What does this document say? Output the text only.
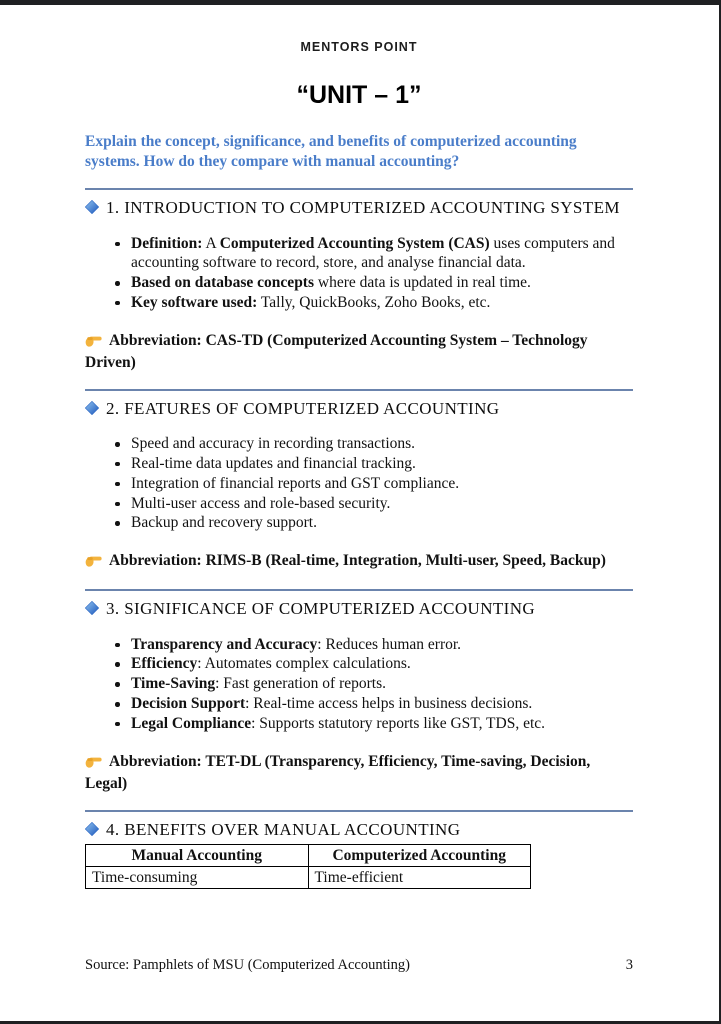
MENTORS POINT
“UNIT – 1”

Explain the concept, significance, and benefits of computerized accounting systems. How do they compare with manual accounting?

1. INTRODUCTION TO COMPUTERIZED ACCOUNTING SYSTEM
Definition: A Computerized Accounting System (CAS) uses computers and accounting software to record, store, and analyse financial data.
Based on database concepts where data is updated in real time.
Key software used: Tally, QuickBooks, Zoho Books, etc.

Abbreviation: CAS-TD (Computerized Accounting System – Technology Driven)

2. FEATURES OF COMPUTERIZED ACCOUNTING
Speed and accuracy in recording transactions.
Real-time data updates and financial tracking.
Integration of financial reports and GST compliance.
Multi-user access and role-based security.
Backup and recovery support.

Abbreviation: RIMS-B (Real-time, Integration, Multi-user, Speed, Backup)

3. SIGNIFICANCE OF COMPUTERIZED ACCOUNTING
Transparency and Accuracy: Reduces human error.
Efficiency: Automates complex calculations.
Time-Saving: Fast generation of reports.
Decision Support: Real-time access helps in business decisions.
Legal Compliance: Supports statutory reports like GST, TDS, etc.

Abbreviation: TET-DL (Transparency, Efficiency, Time-saving, Decision, Legal)

4. BENEFITS OVER MANUAL ACCOUNTING
Manual Accounting	Computerized Accounting
Time-consuming	Time-efficient
Source: Pamphlets of MSU (Computerized Accounting)	3
